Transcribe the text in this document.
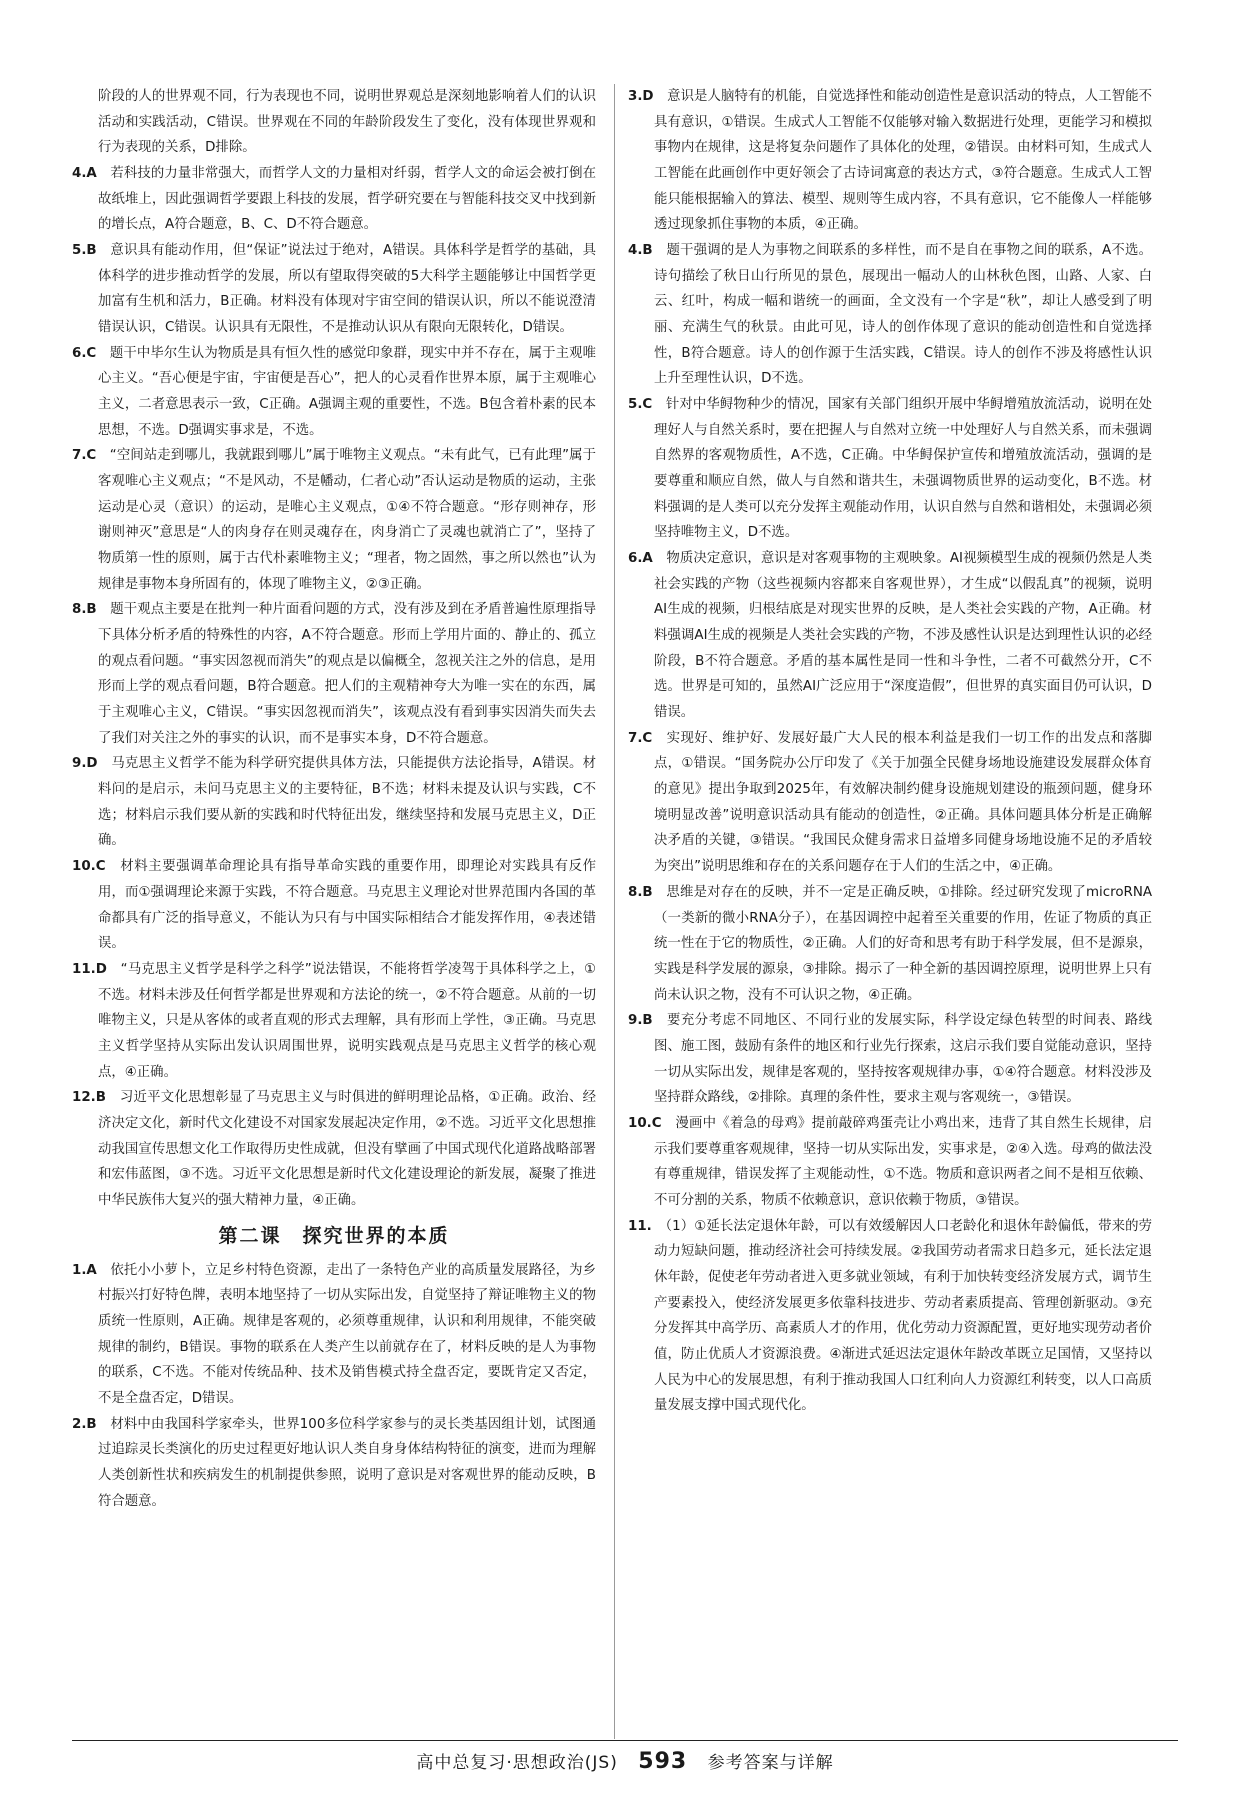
阶段的人的世界观不同，行为表现也不同，说明世界观总是深刻地影响着人们的认识活动和实践活动，C错误。世界观在不同的年龄阶段发生了变化，没有体现世界观和行为表现的关系，D排除。
4.A　 若科技的力量非常强大，而哲学人文的力量相对纤弱，哲学人文的命运会被打倒在故纸堆上，因此强调哲学要跟上科技的发展，哲学研究要在与智能科技交叉中找到新的增长点，A符合题意，B、C、D不符合题意。
5.B　 意识具有能动作用，但“保证”说法过于绝对，A错误。具体科学是哲学的基础，具体科学的进步推动哲学的发展，所以有望取得突破的5大科学主题能够让中国哲学更加富有生机和活力，B正确。材料没有体现对宇宙空间的错误认识，所以不能说澄清错误认识，C错误。认识具有无限性，不是推动认识从有限向无限转化，D错误。
6.C　 题干中毕尔生认为物质是具有恒久性的感觉印象群，现实中并不存在，属于主观唯心主义。“吾心便是宇宙，宇宙便是吾心”，把人的心灵看作世界本原，属于主观唯心主义，二者意思表示一致，C正确。A强调主观的重要性，不选。B包含着朴素的民本思想，不选。D强调实事求是，不选。
7.C　 “空间站走到哪儿，我就跟到哪儿”属于唯物主义观点。“未有此气，已有此理”属于客观唯心主义观点；“不是风动，不是幡动，仁者心动”否认运动是物质的运动，主张运动是心灵（意识）的运动，是唯心主义观点，①④不符合题意。“形存则神存，形谢则神灭”意思是“人的肉身存在则灵魂存在，肉身消亡了灵魂也就消亡了”，坚持了物质第一性的原则，属于古代朴素唯物主义；“理者，物之固然，事之所以然也”认为规律是事物本身所固有的，体现了唯物主义，②③正确。
8.B　 题干观点主要是在批判一种片面看问题的方式，没有涉及到在矛盾普遍性原理指导下具体分析矛盾的特殊性的内容，A不符合题意。形而上学用片面的、静止的、孤立的观点看问题。“事实因忽视而消失”的观点是以偏概全，忽视关注之外的信息，是用形而上学的观点看问题，B符合题意。把人们的主观精神夸大为唯一实在的东西，属于主观唯心主义，C错误。“事实因忽视而消失”，该观点没有看到事实因消失而失去了我们对关注之外的事实的认识，而不是事实本身，D不符合题意。
9.D　 马克思主义哲学不能为科学研究提供具体方法，只能提供方法论指导，A错误。材料问的是启示，未问马克思主义的主要特征，B不选；材料未提及认识与实践，C不选；材料启示我们要从新的实践和时代特征出发，继续坚持和发展马克思主义，D正确。
10.C　 材料主要强调革命理论具有指导革命实践的重要作用，即理论对实践具有反作用，而①强调理论来源于实践，不符合题意。马克思主义理论对世界范围内各国的革命都具有广泛的指导意义，不能认为只有与中国实际相结合才能发挥作用，④表述错误。
11.D　 “马克思主义哲学是科学之科学”说法错误，不能将哲学凌驾于具体科学之上，①不选。材料未涉及任何哲学都是世界观和方法论的统一，②不符合题意。从前的一切唯物主义，只是从客体的或者直观的形式去理解，具有形而上学性，③正确。马克思主义哲学坚持从实际出发认识周围世界，说明实践观点是马克思主义哲学的核心观点，④正确。
12.B　 习近平文化思想彰显了马克思主义与时俱进的鲜明理论品格，①正确。政治、经济决定文化，新时代文化建设不对国家发展起决定作用，②不选。习近平文化思想推动我国宣传思想文化工作取得历史性成就，但没有擘画了中国式现代化道路战略部署和宏伟蓝图，③不选。习近平文化思想是新时代文化建设理论的新发展，凝聚了推进中华民族伟大复兴的强大精神力量，④正确。
第二课　探究世界的本质
1.A　 依托小小萝卜，立足乡村特色资源，走出了一条特色产业的高质量发展路径，为乡村振兴打好特色牌，表明本地坚持了一切从实际出发，自觉坚持了辩证唯物主义的物质统一性原则，A正确。规律是客观的，必须尊重规律，认识和利用规律，不能突破规律的制约，B错误。事物的联系在人类产生以前就存在了，材料反映的是人为事物的联系，C不选。不能对传统品种、技术及销售模式持全盘否定，要既肯定又否定，不是全盘否定，D错误。
2.B　 材料中由我国科学家牵头，世界100多位科学家参与的灵长类基因组计划，试图通过追踪灵长类演化的历史过程更好地认识人类自身身体结构特征的演变，进而为理解人类创新性状和疾病发生的机制提供参照，说明了意识是对客观世界的能动反映，B符合题意。
3.D　 意识是人脑特有的机能，自觉选择性和能动创造性是意识活动的特点，人工智能不具有意识，①错误。生成式人工智能不仅能够对输入数据进行处理，更能学习和模拟事物内在规律，这是将复杂问题作了具体化的处理，②错误。由材料可知，生成式人工智能在此画创作中更好领会了古诗词寓意的表达方式，③符合题意。生成式人工智能只能根据输入的算法、模型、规则等生成内容，不具有意识，它不能像人一样能够透过现象抓住事物的本质，④正确。
4.B　 题干强调的是人为事物之间联系的多样性，而不是自在事物之间的联系，A不选。诗句描绘了秋日山行所见的景色，展现出一幅动人的山林秋色图，山路、人家、白云、红叶，构成一幅和谐统一的画面，全文没有一个字是“秋”，却让人感受到了明丽、充满生气的秋景。由此可见，诗人的创作体现了意识的能动创造性和自觉选择性，B符合题意。诗人的创作源于生活实践，C错误。诗人的创作不涉及将感性认识上升至理性认识，D不选。
5.C　 针对中华鲟物种少的情况，国家有关部门组织开展中华鲟增殖放流活动，说明在处理好人与自然关系时，要在把握人与自然对立统一中处理好人与自然关系，而未强调自然界的客观物质性，A不选，C正确。中华鲟保护宣传和增殖放流活动，强调的是要尊重和顺应自然，做人与自然和谐共生，未强调物质世界的运动变化，B不选。材料强调的是人类可以充分发挥主观能动作用，认识自然与自然和谐相处，未强调必须坚持唯物主义，D不选。
6.A　 物质决定意识，意识是对客观事物的主观映象。AI视频模型生成的视频仍然是人类社会实践的产物（这些视频内容都来自客观世界），才生成“以假乱真”的视频，说明AI生成的视频，归根结底是对现实世界的反映，是人类社会实践的产物，A正确。材料强调AI生成的视频是人类社会实践的产物，不涉及感性认识是达到理性认识的必经阶段，B不符合题意。矛盾的基本属性是同一性和斗争性，二者不可截然分开，C不选。世界是可知的，虽然AI广泛应用于“深度造假”，但世界的真实面目仍可认识，D错误。
7.C　 实现好、维护好、发展好最广大人民的根本利益是我们一切工作的出发点和落脚点，①错误。“国务院办公厅印发了《关于加强全民健身场地设施建设发展群众体育的意见》提出争取到2025年，有效解决制约健身设施规划建设的瓶颈问题，健身环境明显改善”说明意识活动具有能动的创造性，②正确。具体问题具体分析是正确解决矛盾的关键，③错误。“我国民众健身需求日益增多同健身场地设施不足的矛盾较为突出”说明思维和存在的关系问题存在于人们的生活之中，④正确。
8.B　 思维是对存在的反映，并不一定是正确反映，①排除。经过研究发现了microRNA（一类新的微小RNA分子），在基因调控中起着至关重要的作用，佐证了物质的真正统一性在于它的物质性，②正确。人们的好奇和思考有助于科学发展，但不是源泉，实践是科学发展的源泉，③排除。揭示了一种全新的基因调控原理，说明世界上只有尚未认识之物，没有不可认识之物，④正确。
9.B　 要充分考虑不同地区、不同行业的发展实际，科学设定绿色转型的时间表、路线图、施工图，鼓励有条件的地区和行业先行探索，这启示我们要自觉能动意识，坚持一切从实际出发，规律是客观的，坚持按客观规律办事，①④符合题意。材料没涉及坚持群众路线，②排除。真理的条件性，要求主观与客观统一，③错误。
10.C　 漫画中《着急的母鸡》提前敲碎鸡蛋壳让小鸡出来，违背了其自然生长规律，启示我们要尊重客观规律，坚持一切从实际出发，实事求是，②④入选。母鸡的做法没有尊重规律，错误发挥了主观能动性，①不选。物质和意识两者之间不是相互依赖、不可分割的关系，物质不依赖意识，意识依赖于物质，③错误。
11.　 （1）①延长法定退休年龄，可以有效缓解因人口老龄化和退休年龄偏低，带来的劳动力短缺问题，推动经济社会可持续发展。②我国劳动者需求日趋多元，延长法定退休年龄，促使老年劳动者进入更多就业领域，有利于加快转变经济发展方式，调节生产要素投入，使经济发展更多依靠科技进步、劳动者素质提高、管理创新驱动。③充分发挥其中高学历、高素质人才的作用，优化劳动力资源配置，更好地实现劳动者价值，防止优质人才资源浪费。④渐进式延迟法定退休年龄改革既立足国情，又坚持以人民为中心的发展思想，有利于推动我国人口红利向人力资源红利转变，以人口高质量发展支撑中国式现代化。
高中总复习·思想政治(JS) 593 参考答案与详解
